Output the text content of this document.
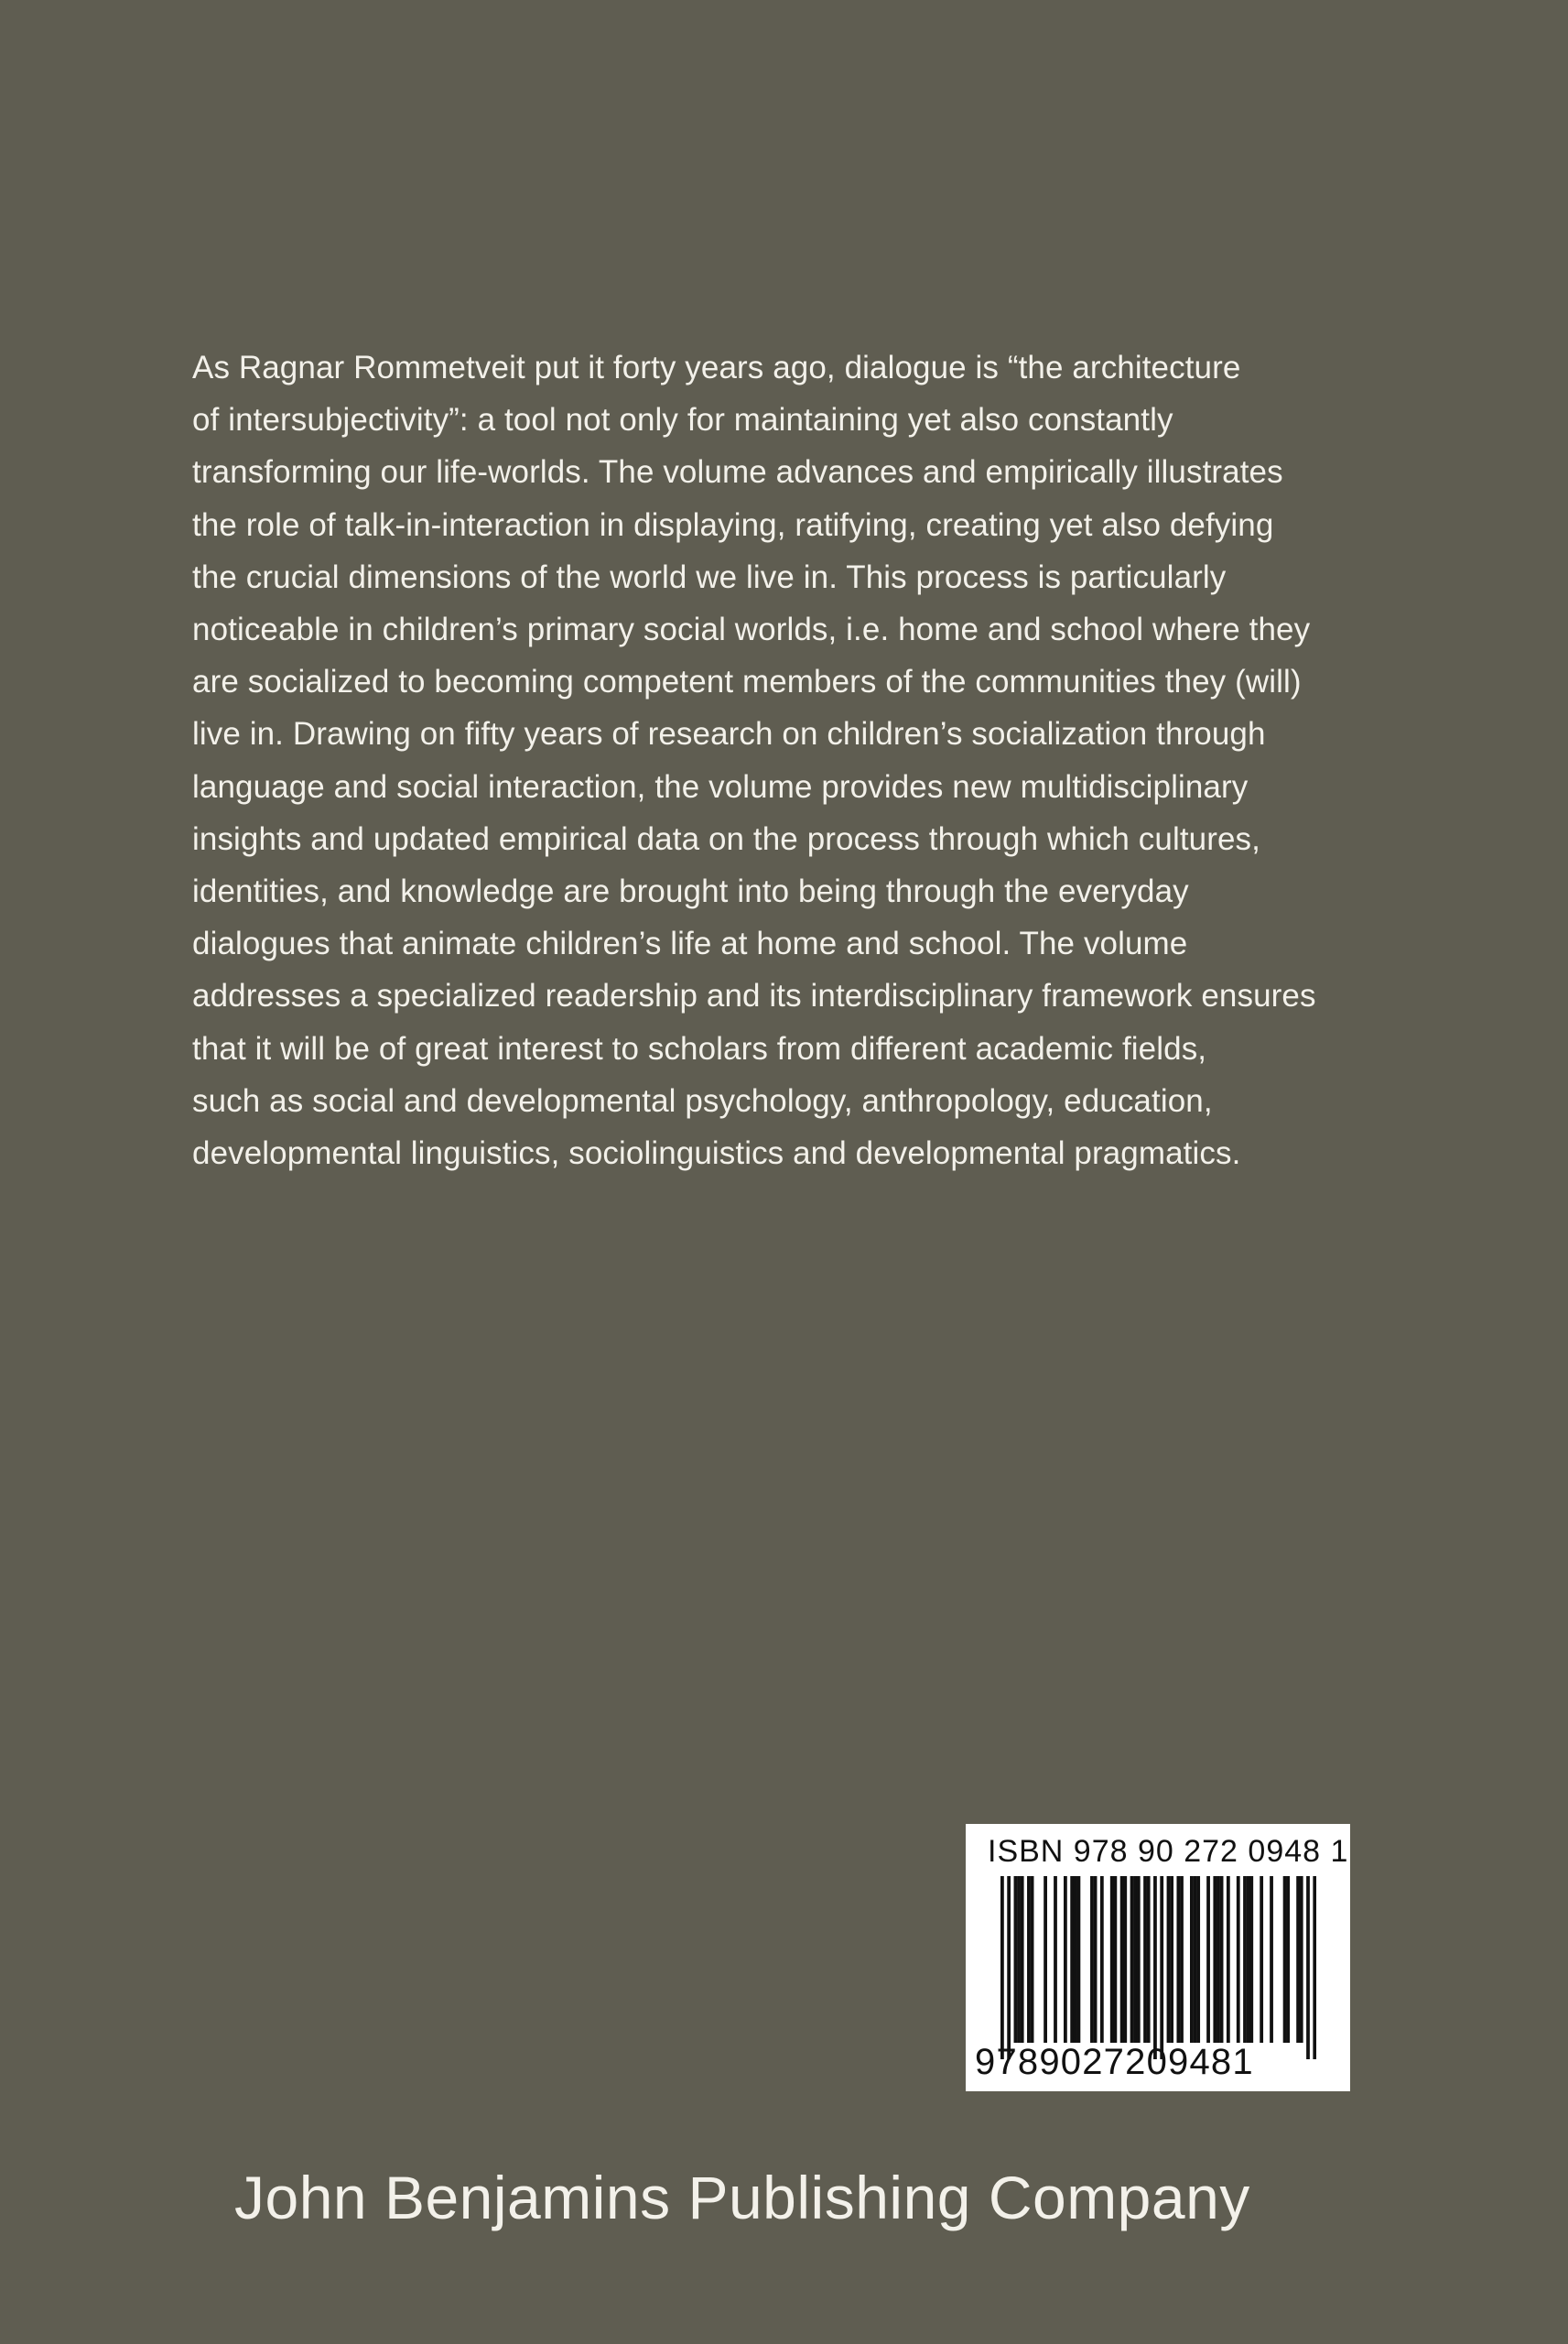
As Ragnar Rommetveit put it forty years ago, dialogue is “the architecture
of intersubjectivity”: a tool not only for maintaining yet also constantly
transforming our life-worlds. The volume advances and empirically illustrates
the role of talk-in-interaction in displaying, ratifying, creating yet also defying
the crucial dimensions of the world we live in. This process is particularly
noticeable in children’s primary social worlds, i.e. home and school where they
are socialized to becoming competent members of the communities they (will)
live in. Drawing on fifty years of research on children’s socialization through
language and social interaction, the volume provides new multidisciplinary
insights and updated empirical data on the process through which cultures,
identities, and knowledge are brought into being through the everyday
dialogues that animate children’s life at home and school. The volume
addresses a specialized readership and its interdisciplinary framework ensures
that it will be of great interest to scholars from different academic fields,
such as social and developmental psychology, anthropology, education,
developmental linguistics, sociolinguistics and developmental pragmatics.
ISBN 978 90 272 0948 1
9789027209481
John Benjamins Publishing Company
